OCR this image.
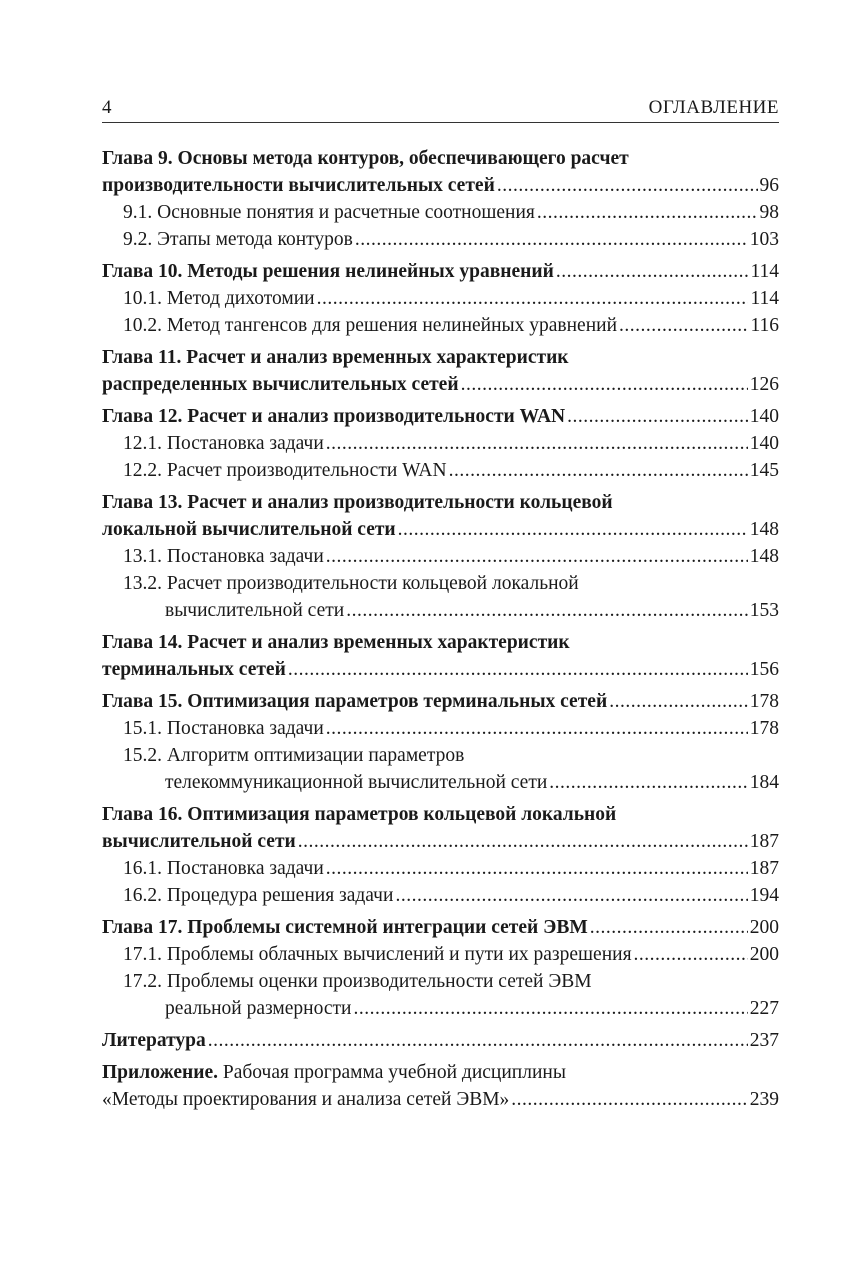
4	ОГЛАВЛЕНИЕ
Глава 9. Основы метода контуров, обеспечивающего расчет
производительности вычислительных сетей .....	96
9.1. Основные понятия и расчетные соотношения .....	98
9.2. Этапы метода контуров .....	103
Глава 10. Методы решения нелинейных уравнений .....	114
10.1. Метод дихотомии .....	114
10.2. Метод тангенсов для решения нелинейных уравнений .....	116
Глава 11. Расчет и анализ временных характеристик
распределенных вычислительных сетей .....	126
Глава 12. Расчет и анализ производительности WAN .....	140
12.1. Постановка задачи .....	140
12.2. Расчет производительности WAN .....	145
Глава 13. Расчет и анализ производительности кольцевой
локальной вычислительной сети .....	148
13.1. Постановка задачи .....	148
13.2. Расчет производительности кольцевой локальной
вычислительной сети .....	153
Глава 14. Расчет и анализ временных характеристик
терминальных сетей .....	156
Глава 15. Оптимизация параметров терминальных сетей .....	178
15.1. Постановка задачи .....	178
15.2. Алгоритм оптимизации параметров
телекоммуникационной вычислительной сети .....	184
Глава 16. Оптимизация параметров кольцевой локальной
вычислительной сети .....	187
16.1. Постановка задачи .....	187
16.2. Процедура решения задачи .....	194
Глава 17. Проблемы системной интеграции сетей ЭВМ .....	200
17.1. Проблемы облачных вычислений и пути их разрешения .....	200
17.2. Проблемы оценки производительности сетей ЭВМ
реальной размерности .....	227
Литература .....	237
Приложение. Рабочая программа учебной дисциплины
«Методы проектирования и анализа сетей ЭВМ» .....	239
